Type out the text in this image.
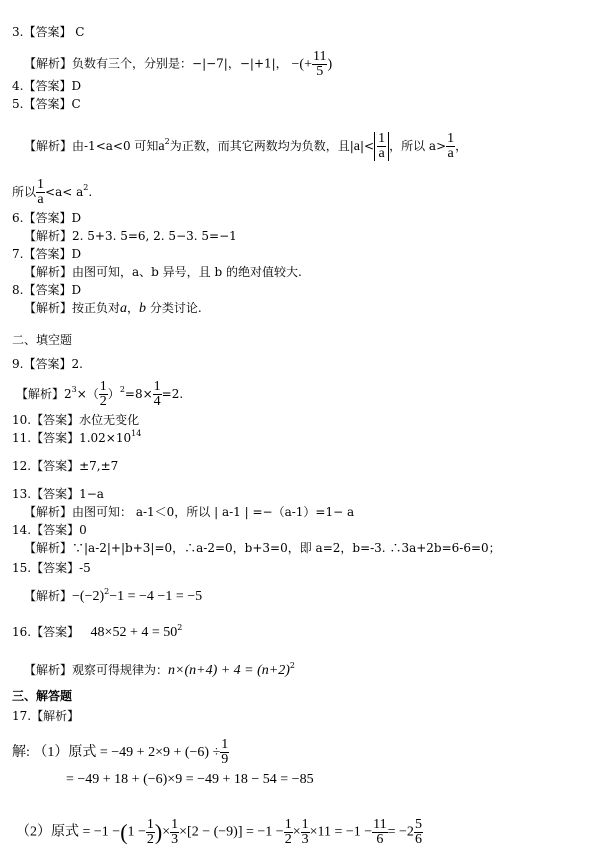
3.【答案】 C
【解析】负数有三个，分别是：−|−7|，−|+1|， −(+ $\frac{11}{5}$ )
4.【答案】D
5.【答案】C
【解析】由-1<a<0 可知$a^2$为正数，而其它两数均为负数，且$|a|< \frac{1}{a}$ ，所以 $a> \frac{1}{a}$ ，
所以 $\frac{1}{a} <a< a^2$.
6.【答案】D
【解析】2. 5+3. 5=6, 2. 5−3. 5=−1
7.【答案】D
【解析】由图可知，a、b 异号，且 b 的绝对值较大.
8.【答案】D
【解析】按正负对a，b 分类讨论.
二、填空题
9.【答案】2.
【解析】$2^3\times( \frac{1}{2} )^2=8\times \frac{1}{4} =2$.
10.【答案】水位无变化
11.【答案】$1.02\times 10^{14}$
12.【答案】±7,±7
13.【答案】1−a
【解析】由图可知： a-1＜0，所以 | a-1 | =−（a-1）=1− a
14.【答案】0
【解析】∵|a-2|+|b+3|=0，∴a-2=0，b+3=0，即 a=2，b=-3. ∴3a+2b=6-6=0；
15.【答案】-5
【解析】$-(-2)^2-1 = -4 -1 = -5$
16.【答案】 $48\times 52 + 4 = 50^2$
【解析】观察可得规律为：$n\times(n+4) + 4 = (n+2)^2$
三、解答题
17.【解析】
解: （1）原式 = $-49 + 2\times 9 + (-6) \div \frac{1}{9}$
= −49 + 18 + (−6)×9 = −49 + 18 − 54 = −85
（2）原式 = $-1 -(1 - \frac{1}{2}$ )× $\frac{1}{3} \times[2 - (-9)] = -1 - \frac{1}{2} \times \frac{1}{3} \times 11 = -1 - \frac{11}{6} = -2 \frac{5}{6}$
